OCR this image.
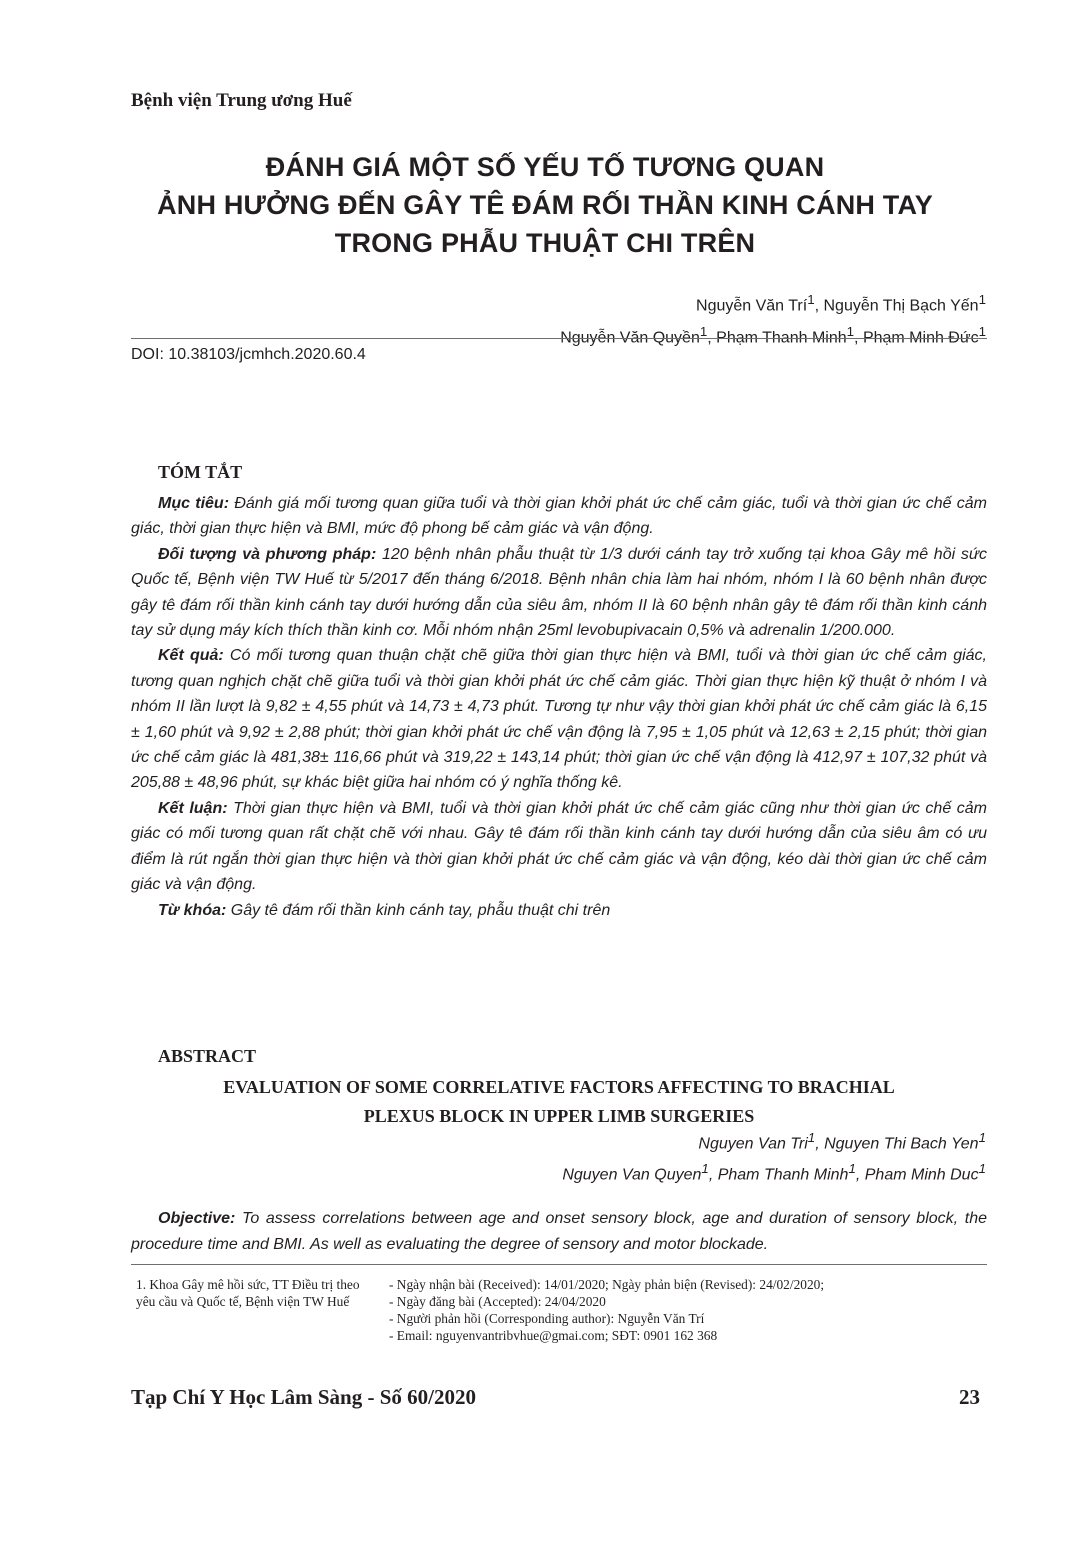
Bệnh viện Trung ương Huế
ĐÁNH GIÁ MỘT SỐ YẾU TỐ TƯƠNG QUAN
ẢNH HƯỞNG ĐẾN GÂY TÊ ĐÁM RỐI THẦN KINH CÁNH TAY
TRONG PHẪU THUẬT CHI TRÊN
Nguyễn Văn Trí$^1$, Nguyễn Thị Bạch Yến$^1$
Nguyễn Văn Quyền$^1$, Phạm Thanh Minh$^1$, Phạm Minh Đức$^1$
DOI: 10.38103/jcmhch.2020.60.4
TÓM TẮT

Mục tiêu: Đánh giá mối tương quan giữa tuổi và thời gian khởi phát ức chế cảm giác, tuổi và thời gian ức chế cảm giác, thời gian thực hiện và BMI, mức độ phong bế cảm giác và vận động.

Đối tượng và phương pháp: 120 bệnh nhân phẫu thuật từ 1/3 dưới cánh tay trở xuống tại khoa Gây mê hồi sức Quốc tế, Bệnh viện TW Huế từ 5/2017 đến tháng 6/2018. Bệnh nhân chia làm hai nhóm, nhóm I là 60 bệnh nhân được gây tê đám rối thần kinh cánh tay dưới hướng dẫn của siêu âm, nhóm II là 60 bệnh nhân gây tê đám rối thần kinh cánh tay sử dụng máy kích thích thần kinh cơ. Mỗi nhóm nhận 25ml levobupivacain 0,5% và adrenalin 1/200.000.

Kết quả: Có mối tương quan thuận chặt chẽ giữa thời gian thực hiện và BMI, tuổi và thời gian ức chế cảm giác, tương quan nghịch chặt chẽ giữa tuổi và thời gian khởi phát ức chế cảm giác. Thời gian thực hiện kỹ thuật ở nhóm I và nhóm II lần lượt là 9,82 ± 4,55 phút và 14,73 ± 4,73 phút. Tương tự như vậy thời gian khởi phát ức chế cảm giác là 6,15 ± 1,60 phút và 9,92 ± 2,88 phút; thời gian khởi phát ức chế vận động là 7,95 ± 1,05 phút và 12,63 ± 2,15 phút; thời gian ức chế cảm giác là 481,38± 116,66 phút và 319,22 ± 143,14 phút; thời gian ức chế vận động là 412,97 ± 107,32 phút và 205,88 ± 48,96 phút, sự khác biệt giữa hai nhóm có ý nghĩa thống kê.

Kết luận: Thời gian thực hiện và BMI, tuổi và thời gian khởi phát ức chế cảm giác cũng như thời gian ức chế cảm giác có mối tương quan rất chặt chẽ với nhau. Gây tê đám rối thần kinh cánh tay dưới hướng dẫn của siêu âm có ưu điểm là rút ngắn thời gian thực hiện và thời gian khởi phát ức chế cảm giác và vận động, kéo dài thời gian ức chế cảm giác và vận động.

Từ khóa: Gây tê đám rối thần kinh cánh tay, phẫu thuật chi trên

ABSTRACT
EVALUATION OF SOME CORRELATIVE FACTORS AFFECTING TO BRACHIAL
PLEXUS BLOCK IN UPPER LIMB SURGERIES
Nguyen Van Tri$^1$, Nguyen Thi Bach Yen$^1$
Nguyen Van Quyen$^1$, Pham Thanh Minh$^1$, Pham Minh Duc$^1$

Objective: To assess correlations between age and onset sensory block, age and duration of sensory block, the procedure time and BMI. As well as evaluating the degree of sensory and motor blockade.

1. Khoa Gây mê hồi sức, TT Điều trị theo yêu cầu và Quốc tế, Bệnh viện TW Huế
- Ngày nhận bài (Received): 14/01/2020; Ngày phản biện (Revised): 24/02/2020;
- Ngày đăng bài (Accepted): 24/04/2020
- Người phản hồi (Corresponding author): Nguyễn Văn Trí
- Email: nguyenvantribvhue@gmai.com; SĐT: 0901 162 368
Tạp Chí Y Học Lâm Sàng - Số 60/2020	23
